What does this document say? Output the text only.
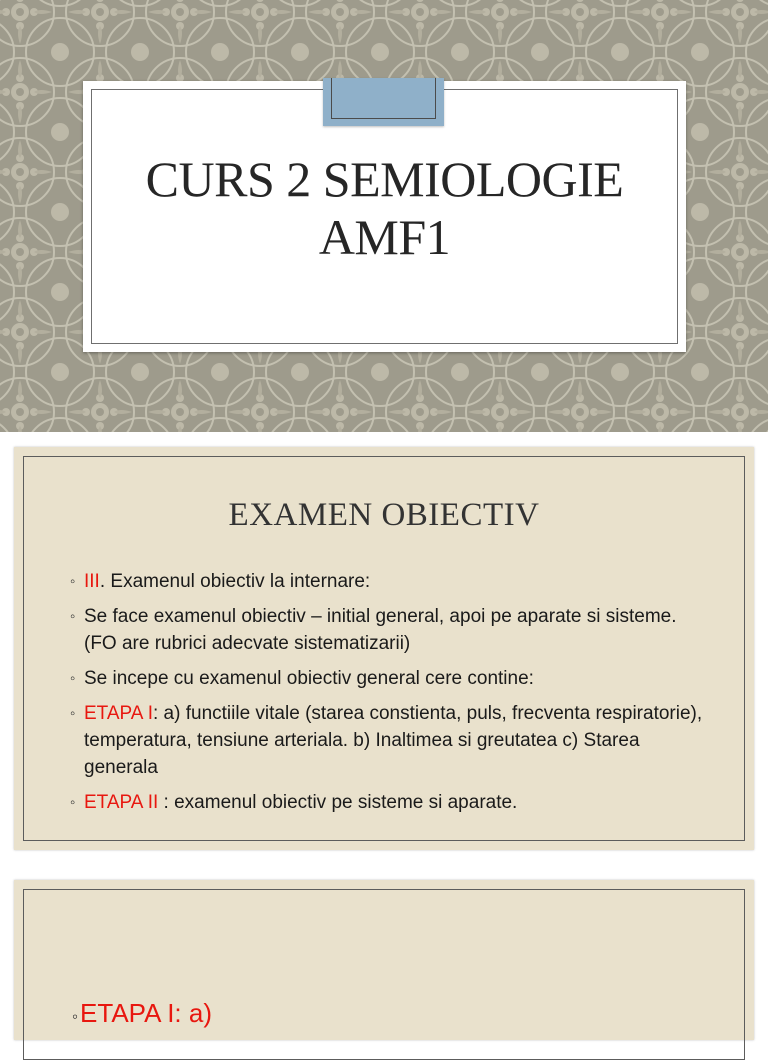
CURS 2 SEMIOLOGIE
AMF1
EXAMEN OBIECTIV
◦ III. Examenul obiectiv la internare:
◦ Se face examenul obiectiv – initial general, apoi pe aparate si sisteme. (FO are rubrici adecvate sistematizarii)
◦ Se incepe cu examenul obiectiv general cere contine:
◦ ETAPA I: a) functiile vitale (starea constienta, puls, frecventa respiratorie), temperatura, tensiune arteriala. b) Inaltimea si greutatea c) Starea generala
◦ ETAPA II : examenul obiectiv pe sisteme si aparate.
◦ETAPA I: a)
